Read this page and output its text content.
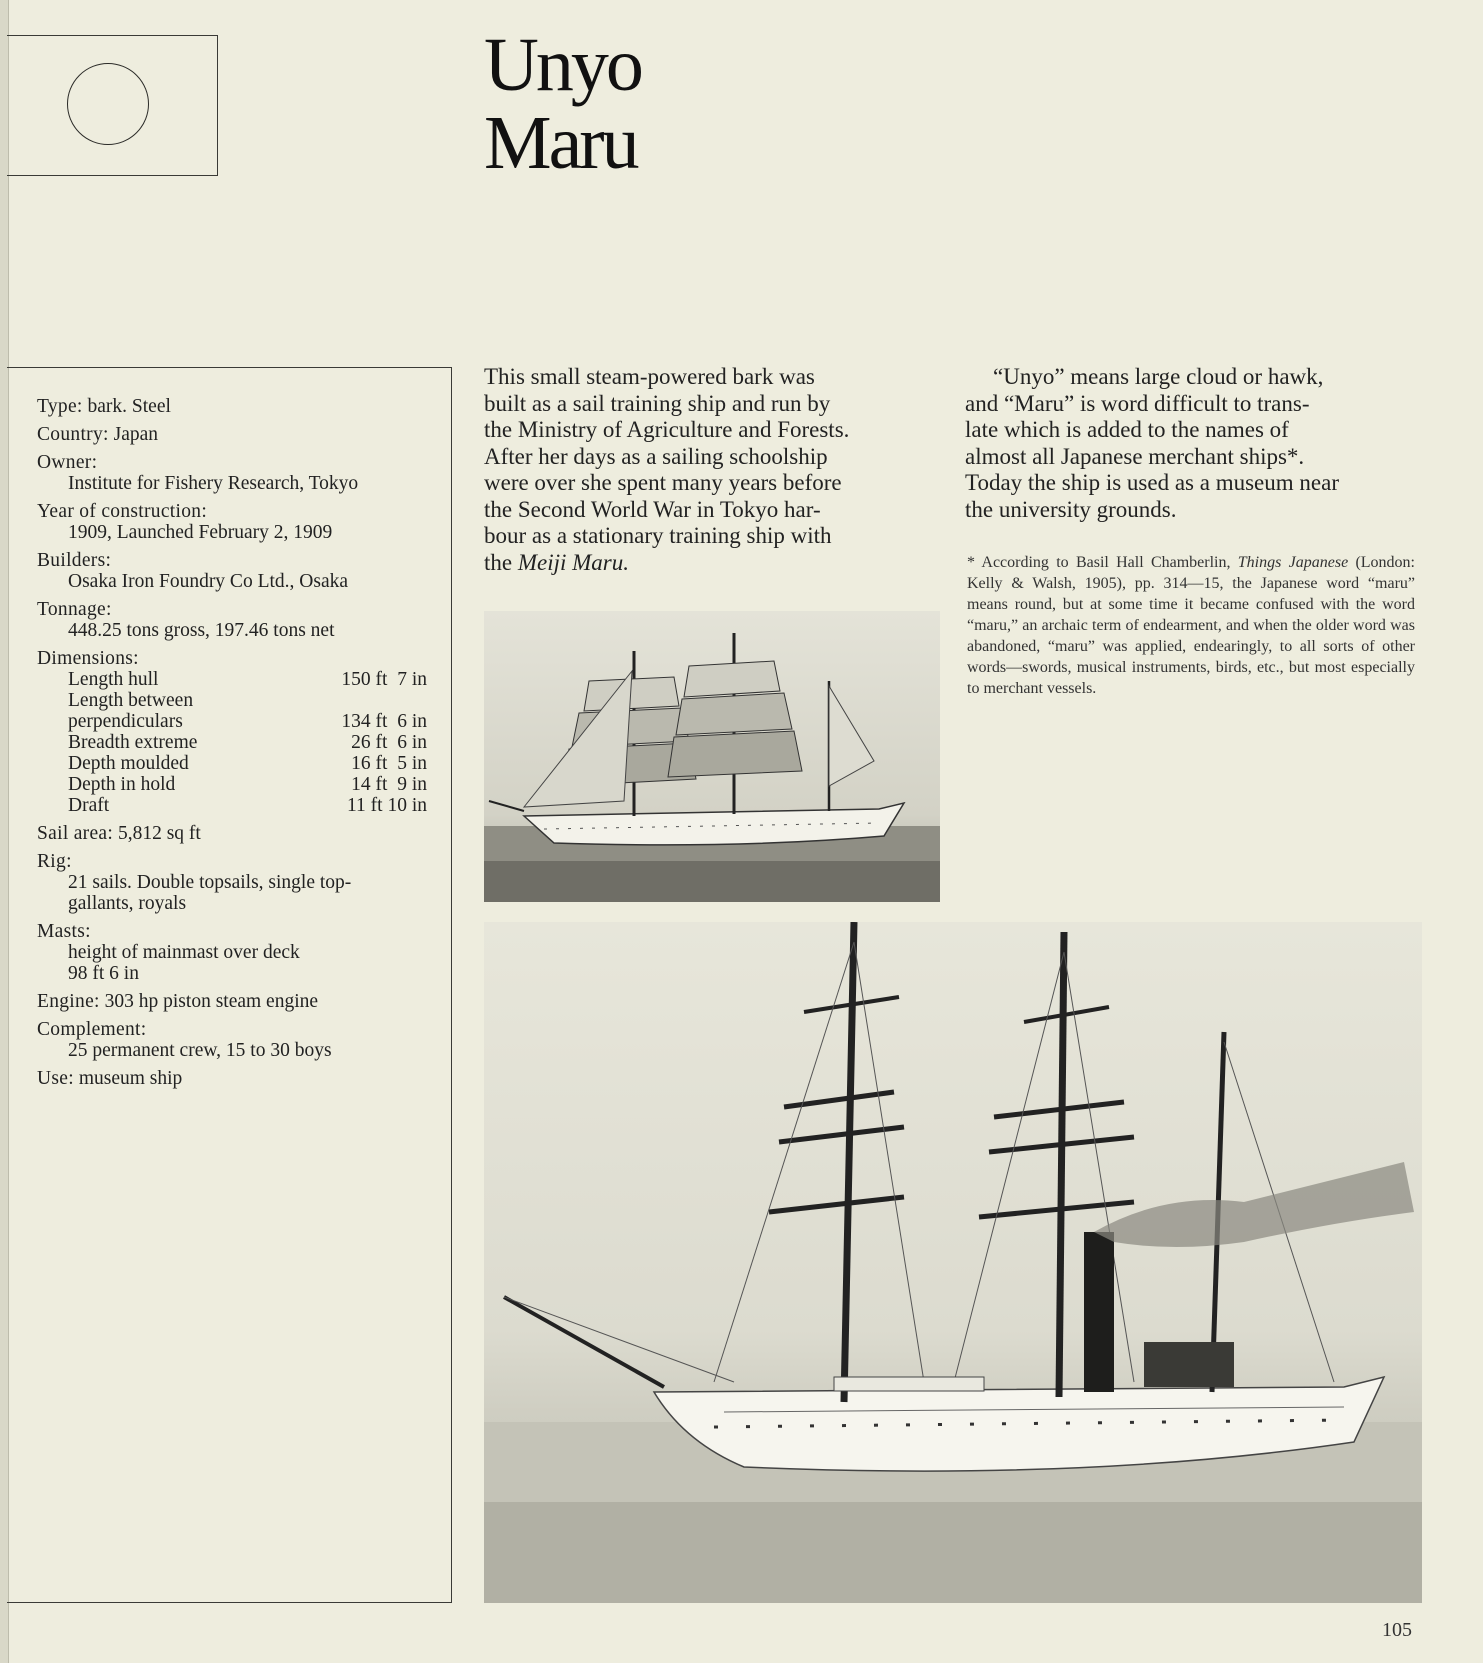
Unyo
Maru
Type: bark. Steel
Country: Japan
Owner:
Institute for Fishery Research, Tokyo
Year of construction:
1909, Launched February 2, 1909
Builders:
Osaka Iron Foundry Co Ltd., Osaka
Tonnage:
448.25 tons gross, 197.46 tons net
Dimensions:
Length hull	150 ft  7 in
Length between
perpendiculars	134 ft  6 in
Breadth extreme	26 ft  6 in
Depth moulded	16 ft  5 in
Depth in hold	14 ft  9 in
Draft	11 ft 10 in
Sail area: 5,812 sq ft
Rig:
21 sails. Double topsails, single top-
gallants, royals
Masts:
height of mainmast over deck
98 ft 6 in
Engine: 303 hp piston steam engine
Complement:
25 permanent crew, 15 to 30 boys
Use: museum ship
This small steam-powered bark was
built as a sail training ship and run by
the Ministry of Agriculture and Forests.
After her days as a sailing schoolship
were over she spent many years before
the Second World War in Tokyo har-
bour as a stationary training ship with
the Meiji Maru.
“Unyo” means large cloud or hawk,
and “Maru” is word difficult to trans-
late which is added to the names of
almost all Japanese merchant ships*.
Today the ship is used as a museum near
the university grounds.

* According to Basil Hall Chamberlin, Things Japanese (London: Kelly & Walsh, 1905), pp. 314—15, the Japanese word “maru” means round, but at some time it became confused with the word “maru,” an archaic term of endearment, and when the older word was abandoned, “maru” was applied, endearingly, to all sorts of other words—swords, musical instruments, birds, etc., but most especially to merchant vessels.

105
